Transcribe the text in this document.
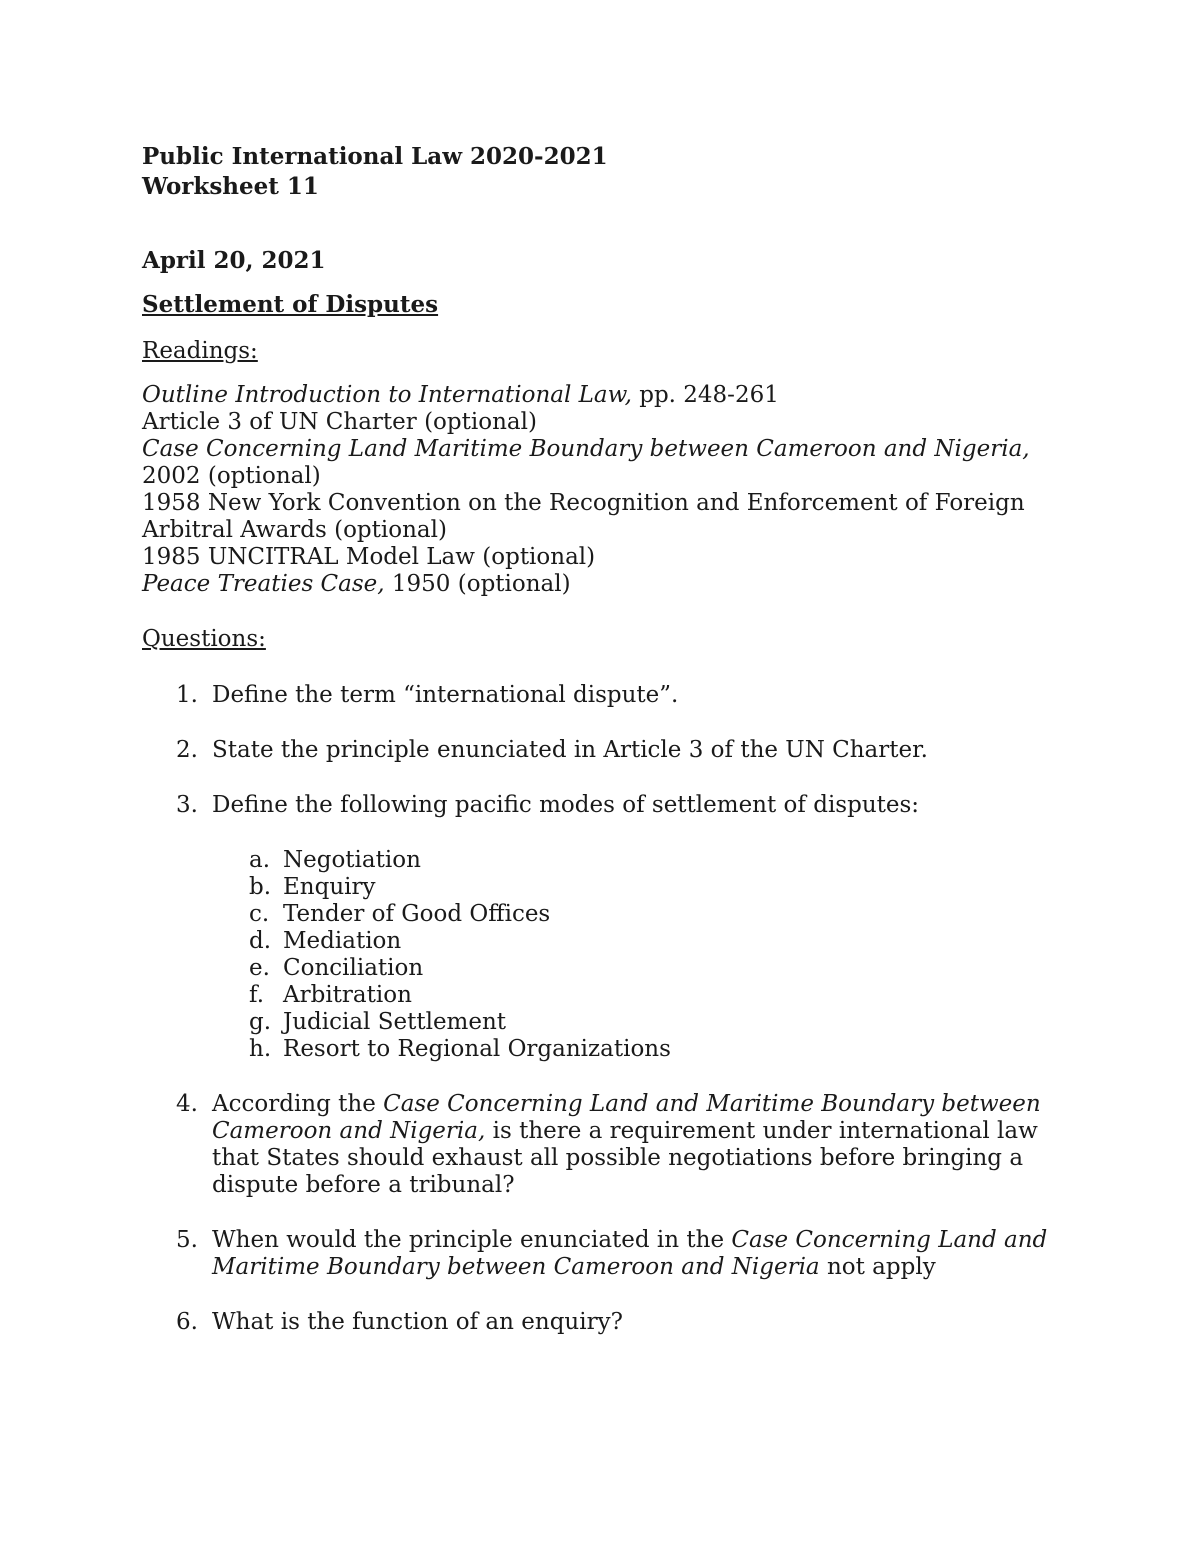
Public International Law 2020-2021
Worksheet 11
April 20, 2021
Settlement of Disputes
Readings:
Outline Introduction to International Law, pp. 248-261
Article 3 of UN Charter (optional)
Case Concerning Land Maritime Boundary between Cameroon and Nigeria,
2002 (optional)
1958 New York Convention on the Recognition and Enforcement of Foreign Arbitral Awards (optional)
1985 UNCITRAL Model Law (optional)
Peace Treaties Case, 1950 (optional)
Questions:
1. Define the term “international dispute”.
2. State the principle enunciated in Article 3 of the UN Charter.
3. Define the following pacific modes of settlement of disputes:
a. Negotiation
b. Enquiry
c. Tender of Good Offices
d. Mediation
e. Conciliation
f. Arbitration
g. Judicial Settlement
h. Resort to Regional Organizations
4. According the Case Concerning Land and Maritime Boundary between Cameroon and Nigeria, is there a requirement under international law that States should exhaust all possible negotiations before bringing a dispute before a tribunal?
5. When would the principle enunciated in the Case Concerning Land and Maritime Boundary between Cameroon and Nigeria not apply
6. What is the function of an enquiry?
